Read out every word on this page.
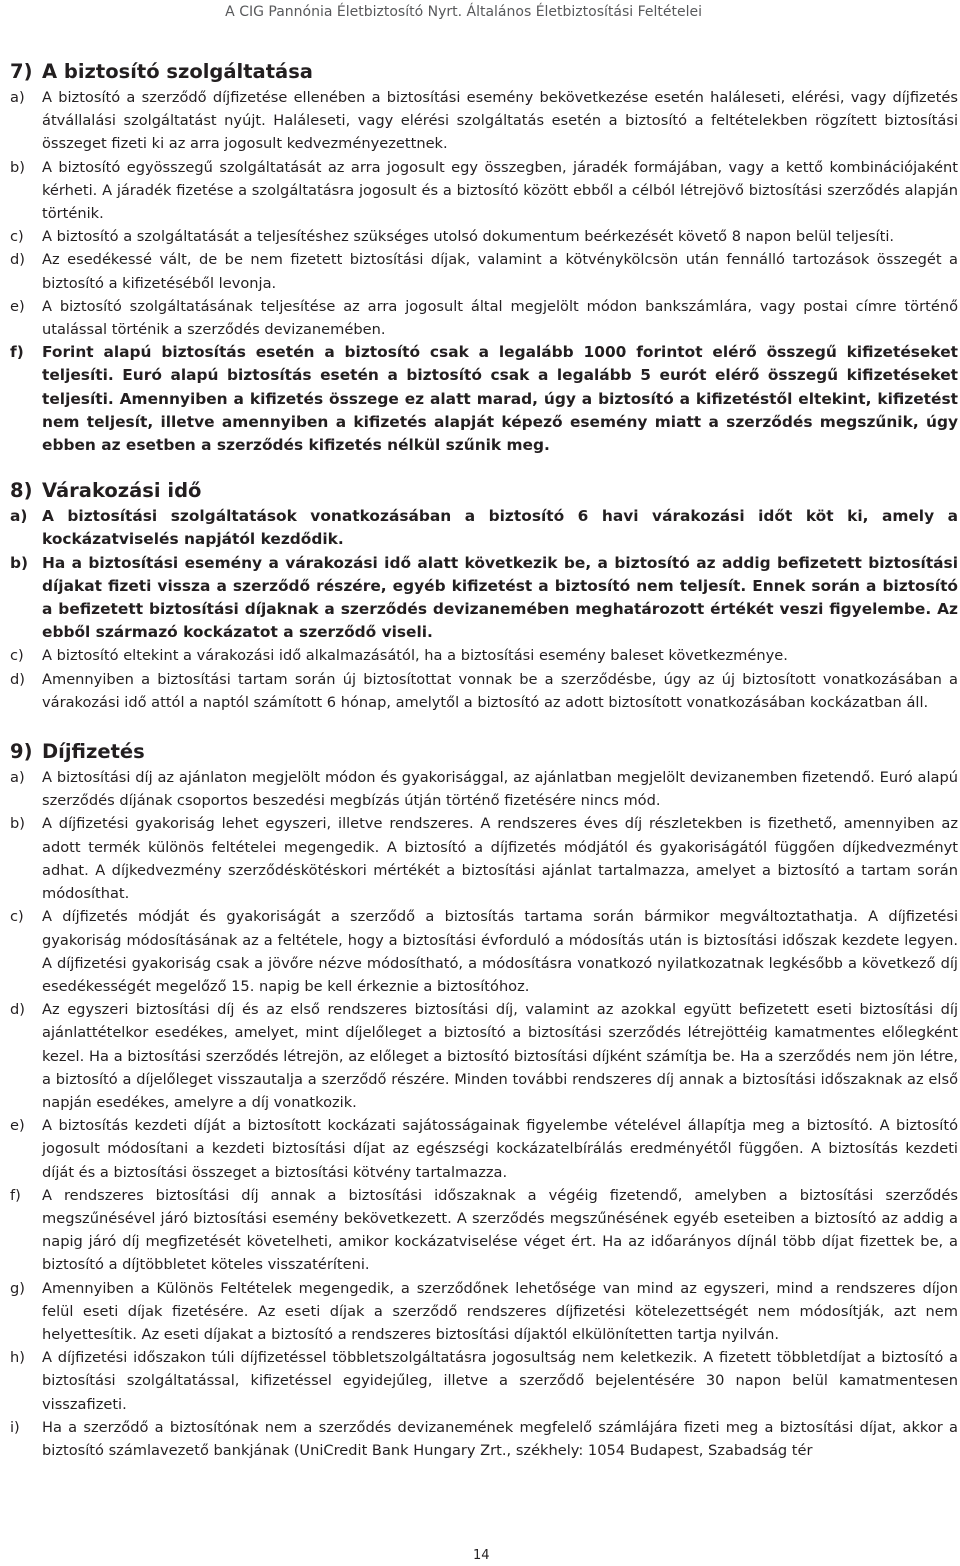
A CIG Pannónia Életbiztosító Nyrt. Általános Életbiztosítási Feltételei
7) A biztosító szolgáltatása
a)	A biztosító a szerződő díjfizetése ellenében a biztosítási esemény bekövetkezése esetén haláleseti, elérési, vagy díjfizetés átvállalási szolgáltatást nyújt. Haláleseti, vagy elérési szolgáltatás esetén a biztosító a feltételekben rögzített biztosítási összeget fizeti ki az arra jogosult kedvezményezettnek.
b)	A biztosító egyösszegű szolgáltatását az arra jogosult egy összegben, járadék formájában, vagy a kettő kombinációjaként kérheti. A járadék fizetése a szolgáltatásra jogosult és a biztosító között ebből a célból létrejövő biztosítási szerződés alapján történik.
c)	A biztosító a szolgáltatását a teljesítéshez szükséges utolsó dokumentum beérkezését követő 8 napon belül teljesíti.
d)	Az esedékessé vált, de be nem fizetett biztosítási díjak, valamint a kötvénykölcsön után fennálló tartozások összegét a biztosító a kifizetéséből levonja.
e)	A biztosító szolgáltatásának teljesítése az arra jogosult által megjelölt módon bankszámlára, vagy postai címre történő utalással történik a szerződés devizanemében.
f)	Forint alapú biztosítás esetén a biztosító csak a legalább 1000 forintot elérő összegű kifizetéseket teljesíti. Euró alapú biztosítás esetén a biztosító csak a legalább 5 eurót elérő összegű kifizetéseket teljesíti. Amennyiben a kifizetés összege ez alatt marad, úgy a biztosító a kifizetéstől eltekint, kifizetést nem teljesít, illetve amennyiben a kifizetés alapját képező esemény miatt a szerződés megszűnik, úgy ebben az esetben a szerződés kifizetés nélkül szűnik meg.
8) Várakozási idő
a) A biztosítási szolgáltatások vonatkozásában a biztosító 6 havi várakozási időt köt ki, amely a kockázatviselés napjától kezdődik.
b) Ha a biztosítási esemény a várakozási idő alatt következik be, a biztosító az addig befizetett biztosítási díjakat fizeti vissza a szerződő részére, egyéb kifizetést a biztosító nem teljesít. Ennek során a biztosító a befizetett biztosítási díjaknak a szerződés devizanemében meghatározott értékét veszi figyelembe. Az ebből származó kockázatot a szerződő viseli.
c)	A biztosító eltekint a várakozási idő alkalmazásától, ha a biztosítási esemény baleset következménye.
d)	Amennyiben a biztosítási tartam során új biztosítottat vonnak be a szerződésbe, úgy az új biztosított vonatkozásában a várakozási idő attól a naptól számított 6 hónap, amelytől a biztosító az adott biztosított vonatkozásában kockázatban áll.
9) Díjfizetés
a)	A biztosítási díj az ajánlaton megjelölt módon és gyakorisággal, az ajánlatban megjelölt devizanemben fizetendő. Euró alapú szerződés díjának csoportos beszedési megbízás útján történő fizetésére nincs mód.
b)	A díjfizetési gyakoriság lehet egyszeri, illetve rendszeres. A rendszeres éves díj részletekben is fizethető, amennyiben az adott termék különös feltételei megengedik. A biztosító a díjfizetés módjától és gyakoriságától függően díjkedvezményt adhat. A díjkedvezmény szerződéskötéskori mértékét a biztosítási ajánlat tartalmazza, amelyet a biztosító a tartam során módosíthat.
c)	A díjfizetés módját és gyakoriságát a szerződő a biztosítás tartama során bármikor megváltoztathatja. A díjfizetési gyakoriság módosításának az a feltétele, hogy a biztosítási évforduló a módosítás után is biztosítási időszak kezdete legyen. A díjfizetési gyakoriság csak a jövőre nézve módosítható, a módosításra vonatkozó nyilatkozatnak legkésőbb a következő díj esedékességét megelőző 15. napig be kell érkeznie a biztosítóhoz.
d)	Az egyszeri biztosítási díj és az első rendszeres biztosítási díj, valamint az azokkal együtt befizetett eseti biztosítási díj ajánlattételkor esedékes, amelyet, mint díjelőleget a biztosító a biztosítási szerződés létrejöttéig kamatmentes előlegként kezel. Ha a biztosítási szerződés létrejön, az előleget a biztosító biztosítási díjként számítja be. Ha a szerződés nem jön létre, a biztosító a díjelőleget visszautalja a szerződő részére. Minden további rendszeres díj annak a biztosítási időszaknak az első napján esedékes, amelyre a díj vonatkozik.
e)	A biztosítás kezdeti díját a biztosított kockázati sajátosságainak figyelembe vételével állapítja meg a biztosító. A biztosító jogosult módosítani a kezdeti biztosítási díjat az egészségi kockázatelbírálás eredményétől függően. A biztosítás kezdeti díját és a biztosítási összeget a biztosítási kötvény tartalmazza.
f)	A rendszeres biztosítási díj annak a biztosítási időszaknak a végéig fizetendő, amelyben a biztosítási szerződés megszűnésével járó biztosítási esemény bekövetkezett. A szerződés megszűnésének egyéb eseteiben a biztosító az addig a napig járó díj megfizetését követelheti, amikor kockázatviselése véget ért. Ha az időarányos díjnál több díjat fizettek be, a biztosító a díjtöbbletet köteles visszatéríteni.
g)	Amennyiben a Különös Feltételek megengedik, a szerződőnek lehetősége van mind az egyszeri, mind a rendszeres díjon felül eseti díjak fizetésére. Az eseti díjak a szerződő rendszeres díjfizetési kötelezettségét nem módosítják, azt nem helyettesítik. Az eseti díjakat a biztosító a rendszeres biztosítási díjaktól elkülönítetten tartja nyilván.
h)	A díjfizetési időszakon túli díjfizetéssel többletszolgáltatásra jogosultság nem keletkezik. A fizetett többletdíjat a biztosító a biztosítási szolgáltatással, kifizetéssel egyidejűleg, illetve a szerződő bejelentésére 30 napon belül kamatmentesen visszafizeti.
i)	Ha a szerződő a biztosítónak nem a szerződés devizanemének megfelelő számlájára fizeti meg a biztosítási díjat, akkor a biztosító számlavezető bankjának (UniCredit Bank Hungary Zrt., székhely: 1054 Budapest, Szabadság tér
14
